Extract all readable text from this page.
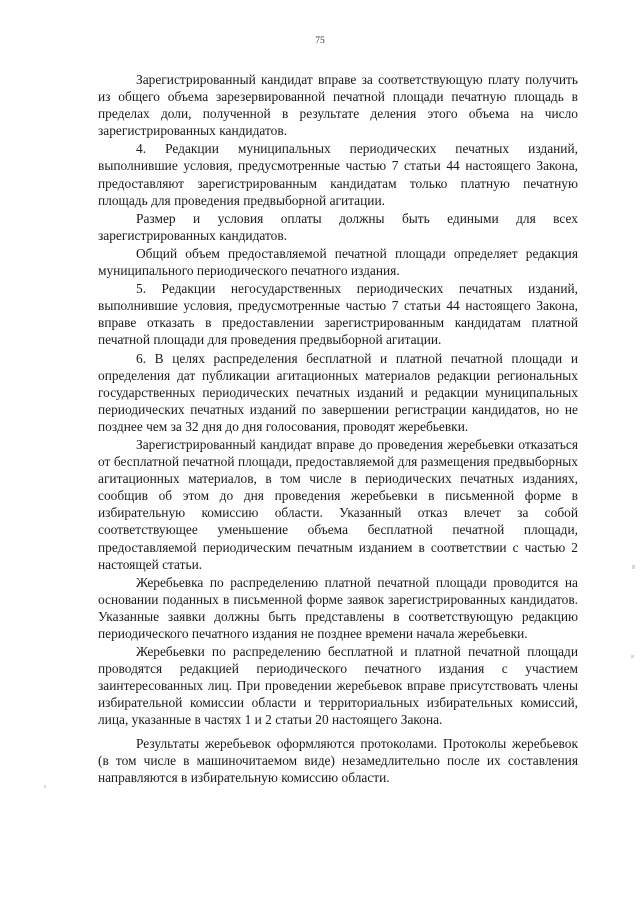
75

Зарегистрированный кандидат вправе за соответствующую плату получить из общего объема зарезервированной печатной площади печатную площадь в пределах доли, полученной в результате деления этого объема на число зарегистрированных кандидатов.

4. Редакции муниципальных периодических печатных изданий, выполнившие условия, предусмотренные частью 7 статьи 44 настоящего Закона, предоставляют зарегистрированным кандидатам только платную печатную площадь для проведения предвыборной агитации.

Размер и условия оплаты должны быть едиными для всех зарегистрированных кандидатов.

Общий объем предоставляемой печатной площади определяет редакция муниципального периодического печатного издания.

5. Редакции негосударственных периодических печатных изданий, выполнившие условия, предусмотренные частью 7 статьи 44 настоящего Закона, вправе отказать в предоставлении зарегистрированным кандидатам платной печатной площади для проведения предвыборной агитации.

6. В целях распределения бесплатной и платной печатной площади и определения дат публикации агитационных материалов редакции региональных государственных периодических печатных изданий и редакции муниципальных периодических печатных изданий по завершении регистрации кандидатов, но не позднее чем за 32 дня до дня голосования, проводят жеребьевки.

Зарегистрированный кандидат вправе до проведения жеребьевки отказаться от бесплатной печатной площади, предоставляемой для размещения предвыборных агитационных материалов, в том числе в периодических печатных изданиях, сообщив об этом до дня проведения жеребьевки в письменной форме в избирательную комиссию области. Указанный отказ влечет за собой соответствующее уменьшение объема бесплатной печатной площади, предоставляемой периодическим печатным изданием в соответствии с частью 2 настоящей статьи.

Жеребьевка по распределению платной печатной площади проводится на основании поданных в письменной форме заявок зарегистрированных кандидатов. Указанные заявки должны быть представлены в соответствующую редакцию периодического печатного издания не позднее времени начала жеребьевки.

Жеребьевки по распределению бесплатной и платной печатной площади проводятся редакцией периодического печатного издания с участием заинтересованных лиц. При проведении жеребьевок вправе присутствовать члены избирательной комиссии области и территориальных избирательных комиссий, лица, указанные в частях 1 и 2 статьи 20 настоящего Закона.

Результаты жеребьевок оформляются протоколами. Протоколы жеребьевок (в том числе в машиночитаемом виде) незамедлительно после их составления направляются в избирательную комиссию области.
